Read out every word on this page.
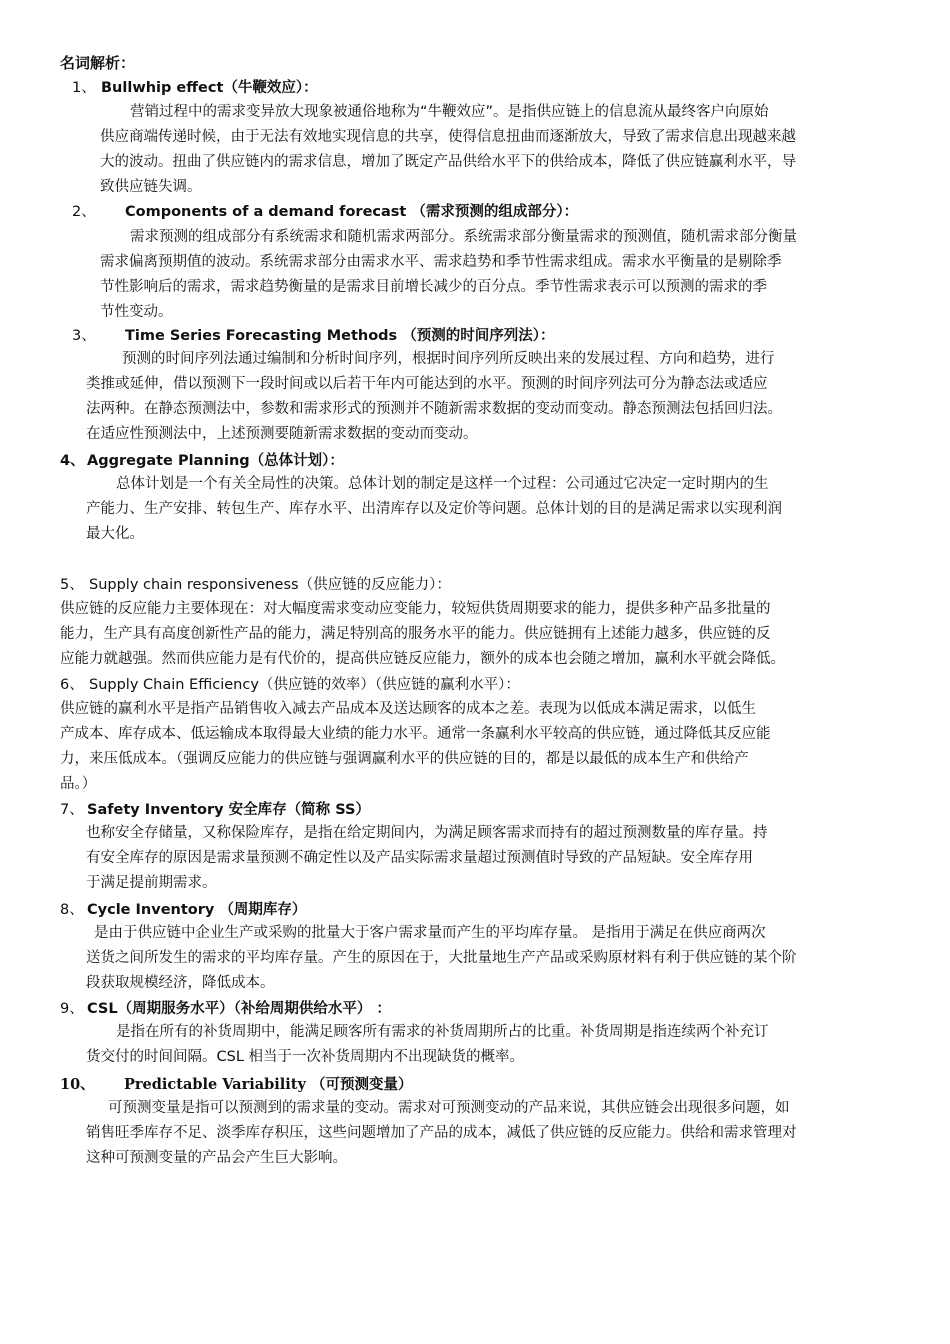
名词解析：
1、 Bullwhip effect（牛鞭效应）：
营销过程中的需求变异放大现象被通俗地称为“牛鞭效应”。是指供应链上的信息流从最终客户向原始
供应商端传递时候，由于无法有效地实现信息的共享，使得信息扭曲而逐渐放大，导致了需求信息出现越来越
大的波动。扭曲了供应链内的需求信息，增加了既定产品供给水平下的供给成本，降低了供应链赢利水平，导
致供应链失调。
2、 Components of a demand forecast （需求预测的组成部分）：
需求预测的组成部分有系统需求和随机需求两部分。系统需求部分衡量需求的预测值，随机需求部分衡量
需求偏离预期值的波动。系统需求部分由需求水平、需求趋势和季节性需求组成。需求水平衡量的是剔除季
节性影响后的需求，需求趋势衡量的是需求目前增长减少的百分点。季节性需求表示可以预测的需求的季
节性变动。
3、 Time Series Forecasting Methods （预测的时间序列法）：
预测的时间序列法通过编制和分析时间序列，根据时间序列所反映出来的发展过程、方向和趋势，进行
类推或延伸，借以预测下一段时间或以后若干年内可能达到的水平。预测的时间序列法可分为静态法或适应
法两种。在静态预测法中，参数和需求形式的预测并不随新需求数据的变动而变动。静态预测法包括回归法。
在适应性预测法中，上述预测要随新需求数据的变动而变动。
4、 Aggregate Planning（总体计划）：
总体计划是一个有关全局性的决策。总体计划的制定是这样一个过程：公司通过它决定一定时期内的生
产能力、生产安排、转包生产、库存水平、出清库存以及定价等问题。总体计划的目的是满足需求以实现利润
最大化。
5、 Supply chain responsiveness（供应链的反应能力）：
供应链的反应能力主要体现在：对大幅度需求变动应变能力，较短供货周期要求的能力，提供多种产品多批量的
能力，生产具有高度创新性产品的能力，满足特别高的服务水平的能力。供应链拥有上述能力越多，供应链的反
应能力就越强。然而供应能力是有代价的，提高供应链反应能力，额外的成本也会随之增加，赢利水平就会降低。
6、 Supply Chain Efficiency（供应链的效率）（供应链的赢利水平）：
供应链的赢利水平是指产品销售收入减去产品成本及送达顾客的成本之差。表现为以低成本满足需求，以低生
产成本、库存成本、低运输成本取得最大业绩的能力水平。通常一条赢利水平较高的供应链，通过降低其反应能
力，来压低成本。（强调反应能力的供应链与强调赢利水平的供应链的目的，都是以最低的成本生产和供给产
品。）
7、 Safety Inventory 安全库存（简称 SS）
也称安全存储量，又称保险库存，是指在给定期间内，为满足顾客需求而持有的超过预测数量的库存量。持
有安全库存的原因是需求量预测不确定性以及产品实际需求量超过预测值时导致的产品短缺。安全库存用
于满足提前期需求。
8、 Cycle Inventory （周期库存）
是由于供应链中企业生产或采购的批量大于客户需求量而产生的平均库存量。 是指用于满足在供应商两次
送货之间所发生的需求的平均库存量。产生的原因在于，大批量地生产产品或采购原材料有利于供应链的某个阶
段获取规模经济，降低成本。
9、 CSL（周期服务水平）（补给周期供给水平） ：
是指在所有的补货周期中，能满足顾客所有需求的补货周期所占的比重。补货周期是指连续两个补充订
货交付的时间间隔。CSL 相当于一次补货周期内不出现缺货的概率。
10、 Predictable Variability （可预测变量）
可预测变量是指可以预测到的需求量的变动。需求对可预测变动的产品来说，其供应链会出现很多问题，如
销售旺季库存不足、淡季库存积压，这些问题增加了产品的成本，减低了供应链的反应能力。供给和需求管理对
这种可预测变量的产品会产生巨大影响。
